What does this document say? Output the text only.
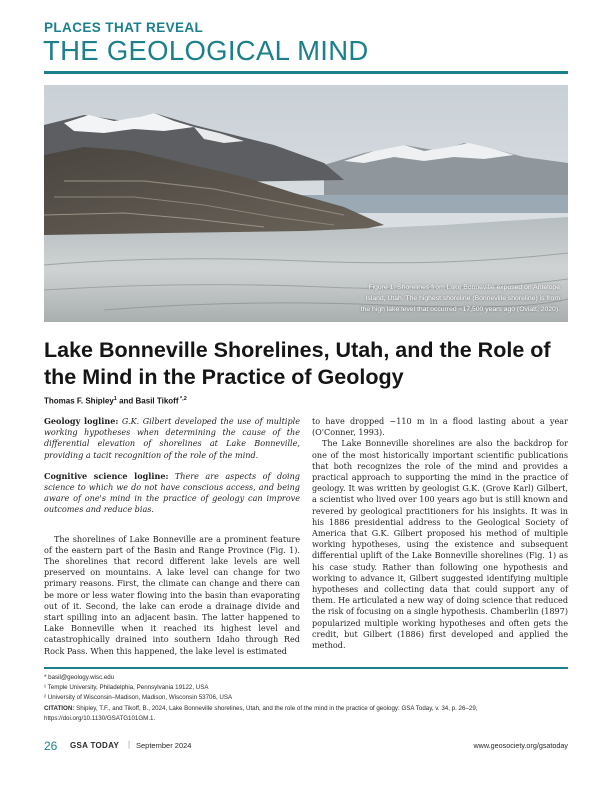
PLACES THAT REVEAL
THE GEOLOGICAL MIND
Figure 1. Shorelines from Lake Bonneville exposed on Antelope Island, Utah. The highest shoreline (Bonneville shoreline) is from the high lake level that occurred ~17,500 years ago (Oviatt, 2020).
Lake Bonneville Shorelines, Utah, and the Role of the Mind in the Practice of Geology
Thomas F. Shipley$^1$ and Basil Tikoff $^{*,2}$

Geology logline: G.K. Gilbert developed the use of multiple working hypotheses when determining the cause of the differential elevation of shorelines at Lake Bonneville, providing a tacit recognition of the role of the mind.

Cognitive science logline: There are aspects of doing science to which we do not have conscious access, and being aware of one's mind in the practice of geology can improve outcomes and reduce bias.

The shorelines of Lake Bonneville are a prominent feature of the eastern part of the Basin and Range Province (Fig. 1). The shorelines that record different lake levels are well preserved on mountains. A lake level can change for two primary reasons. First, the climate can change and there can be more or less water flowing into the basin than evaporating out of it. Second, the lake can erode a drainage divide and start spilling into an adjacent basin. The latter happened to Lake Bonneville when it reached its highest level and catastrophically drained into southern Idaho through Red Rock Pass. When this happened, the lake level is estimated

to have dropped ~110 m in a flood lasting about a year (O'Conner, 1993).

The Lake Bonneville shorelines are also the backdrop for one of the most historically important scientific publications that both recognizes the role of the mind and provides a practical approach to supporting the mind in the practice of geology. It was written by geologist G.K. (Grove Karl) Gilbert, a scientist who lived over 100 years ago but is still known and revered by geological practitioners for his insights. It was in his 1886 presidential address to the Geological Society of America that G.K. Gilbert proposed his method of multiple working hypotheses, using the existence and subsequent differential uplift of the Lake Bonneville shorelines (Fig. 1) as his case study. Rather than following one hypothesis and working to advance it, Gilbert suggested identifying multiple hypotheses and collecting data that could support any of them. He articulated a new way of doing science that reduced the risk of focusing on a single hypothesis. Chamberlin (1897) popularized multiple working hypotheses and often gets the credit, but Gilbert (1886) first developed and applied the method.

* basil@geology.wisc.edu
¹ Temple University, Philadelphia, Pennsylvania 19122, USA
² University of Wisconsin–Madison, Madison, Wisconsin 53706, USA
CITATION: Shipley, T.F., and Tikoff, B., 2024, Lake Bonneville shorelines, Utah, and the role of the mind in the practice of geology: GSA Today, v. 34, p. 26–29, https://doi.org/10.1130/GSATG101GM.1.
26 GSA TODAY | September 2024	www.geosociety.org/gsatoday
